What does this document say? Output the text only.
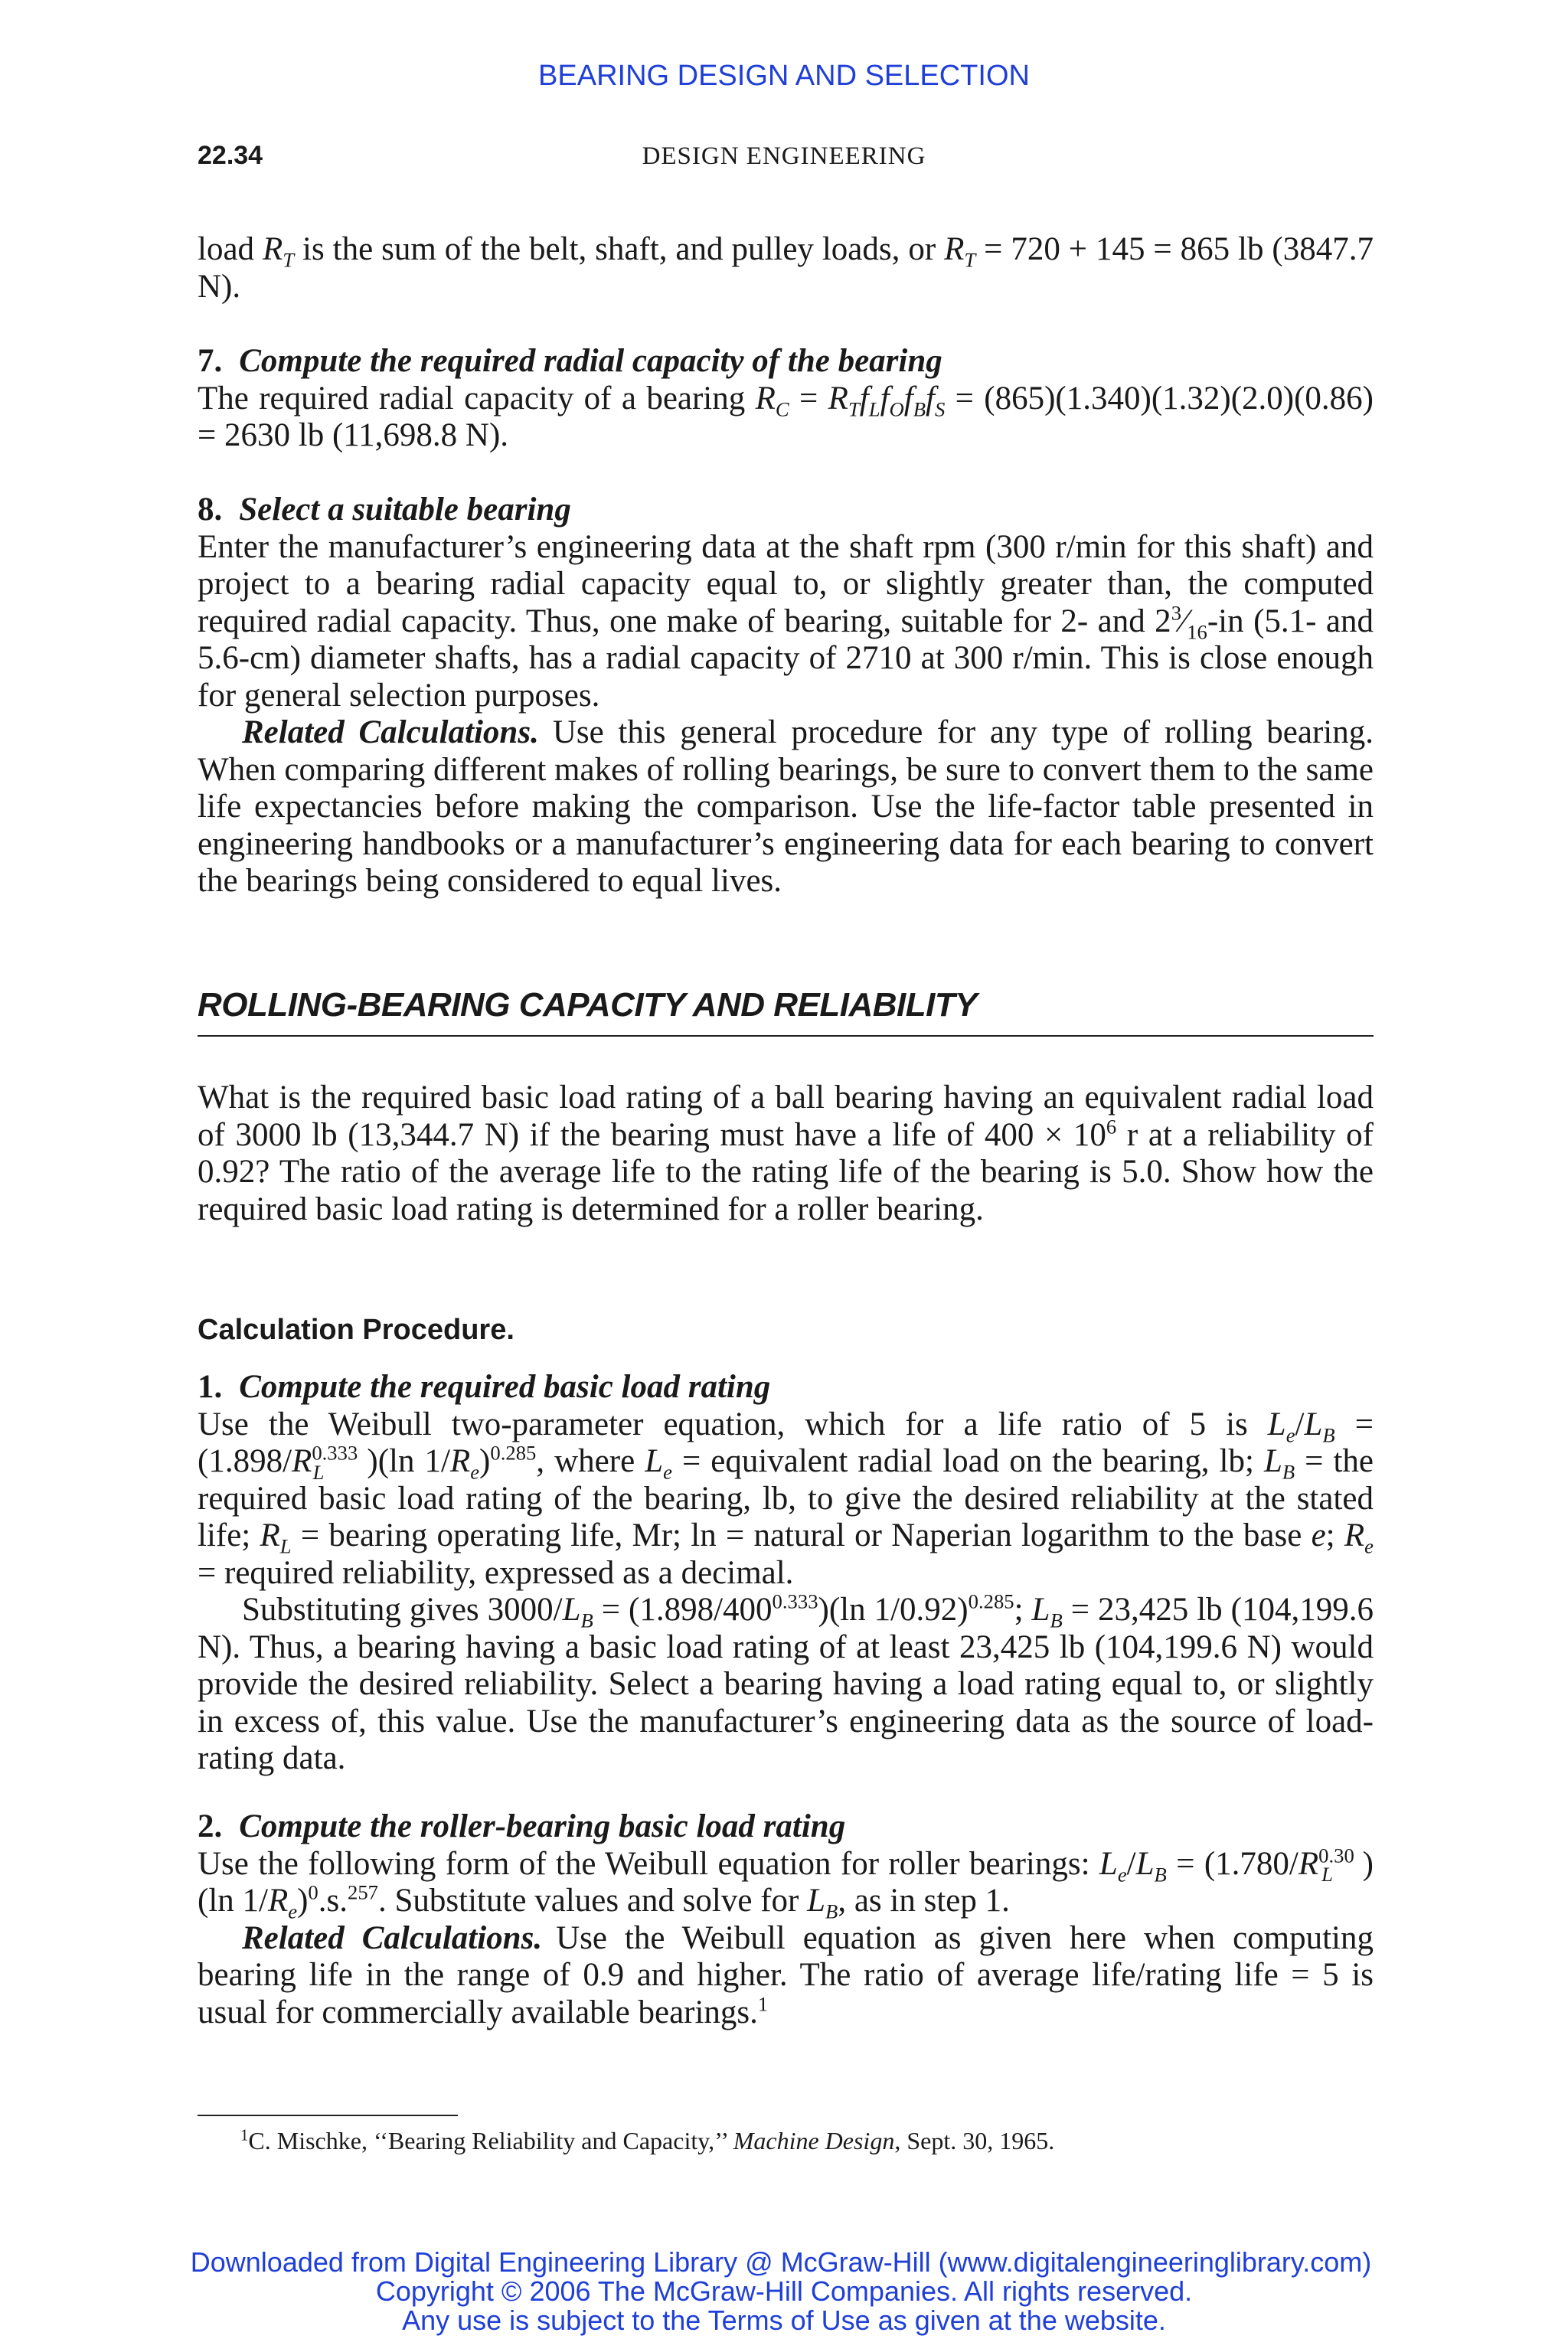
BEARING DESIGN AND SELECTION
22.34	DESIGN ENGINEERING

load $R_T$ is the sum of the belt, shaft, and pulley loads, or $R_T = 720 + 145 = 865$ lb (3847.7 N).

7. Compute the required radial capacity of the bearing

The required radial capacity of a bearing $R_C = R_Tf_Lf_Of_Bf_S = (865)(1.340)(1.32)(2.0)(0.86) = 2630$ lb (11,698.8 N).

8. Select a suitable bearing

Enter the manufacturer’s engineering data at the shaft rpm (300 r/min for this shaft) and project to a bearing radial capacity equal to, or slightly greater than, the computed required radial capacity. Thus, one make of bearing, suitable for 2- and $2^3⁄_{16}-in$ (5.1- and 5.6-cm) diameter shafts, has a radial capacity of 2710 at 300 r/min. This is close enough for general selection purposes.

Related Calculations. Use this general procedure for any type of rolling bearing. When comparing different makes of rolling bearings, be sure to convert them to the same life expectancies before making the comparison. Use the life-factor table presented in engineering handbooks or a manufacturer’s engineering data for each bearing to convert the bearings being considered to equal lives.

ROLLING-BEARING CAPACITY AND RELIABILITY

What is the required basic load rating of a ball bearing having an equivalent radial load of 3000 lb (13,344.7 N) if the bearing must have a life of $400 \times 10^6$ r at a reliability of 0.92? The ratio of the average life to the rating life of the bearing is 5.0. Show how the required basic load rating is determined for a roller bearing.

Calculation Procedure.

1. Compute the required basic load rating

Use the Weibull two-parameter equation, which for a life ratio of 5 is $L_e/L_B = (1.898/R^{0.333}_L$ )(ln $1/R_e)^{0.285}$, where $L_e$ = equivalent radial load on the bearing, lb; $L_B$ = the required basic load rating of the bearing, lb, to give the desired reliability at the stated life; $R_L$ = bearing operating life, Mr; ln = natural or Naperian logarithm to the base e; $R_e$ = required reliability, expressed as a decimal.

Substituting gives $3000/L_B = (1.898/400^{0.333})(\ln$ 1/0.92)$^{0.285}$; $L_B = 23,425$ lb (104,199.6 N). Thus, a bearing having a basic load rating of at least 23,425 lb (104,199.6 N) would provide the desired reliability. Select a bearing having a load rating equal to, or slightly in excess of, this value. Use the manufacturer’s engineering data as the source of load-rating data.

2. Compute the roller-bearing basic load rating

Use the following form of the Weibull equation for roller bearings: $L_e/L_B = (1.780/R^{0.30}_L$ )(ln $1/R_e)^0.s.^{257}$. Substitute values and solve for $L_B$, as in step 1.

Related Calculations. Use the Weibull equation as given here when computing bearing life in the range of 0.9 and higher. The ratio of average life/rating life = 5 is usual for commercially available bearings.$^1$

$^1$C. Mischke, ‘‘Bearing Reliability and Capacity,’’ Machine Design, Sept. 30, 1965.
Downloaded from Digital Engineering Library @ McGraw-Hill (www.digitalengineeringlibrary.com)
Copyright © 2006 The McGraw-Hill Companies. All rights reserved.
Any use is subject to the Terms of Use as given at the website.
